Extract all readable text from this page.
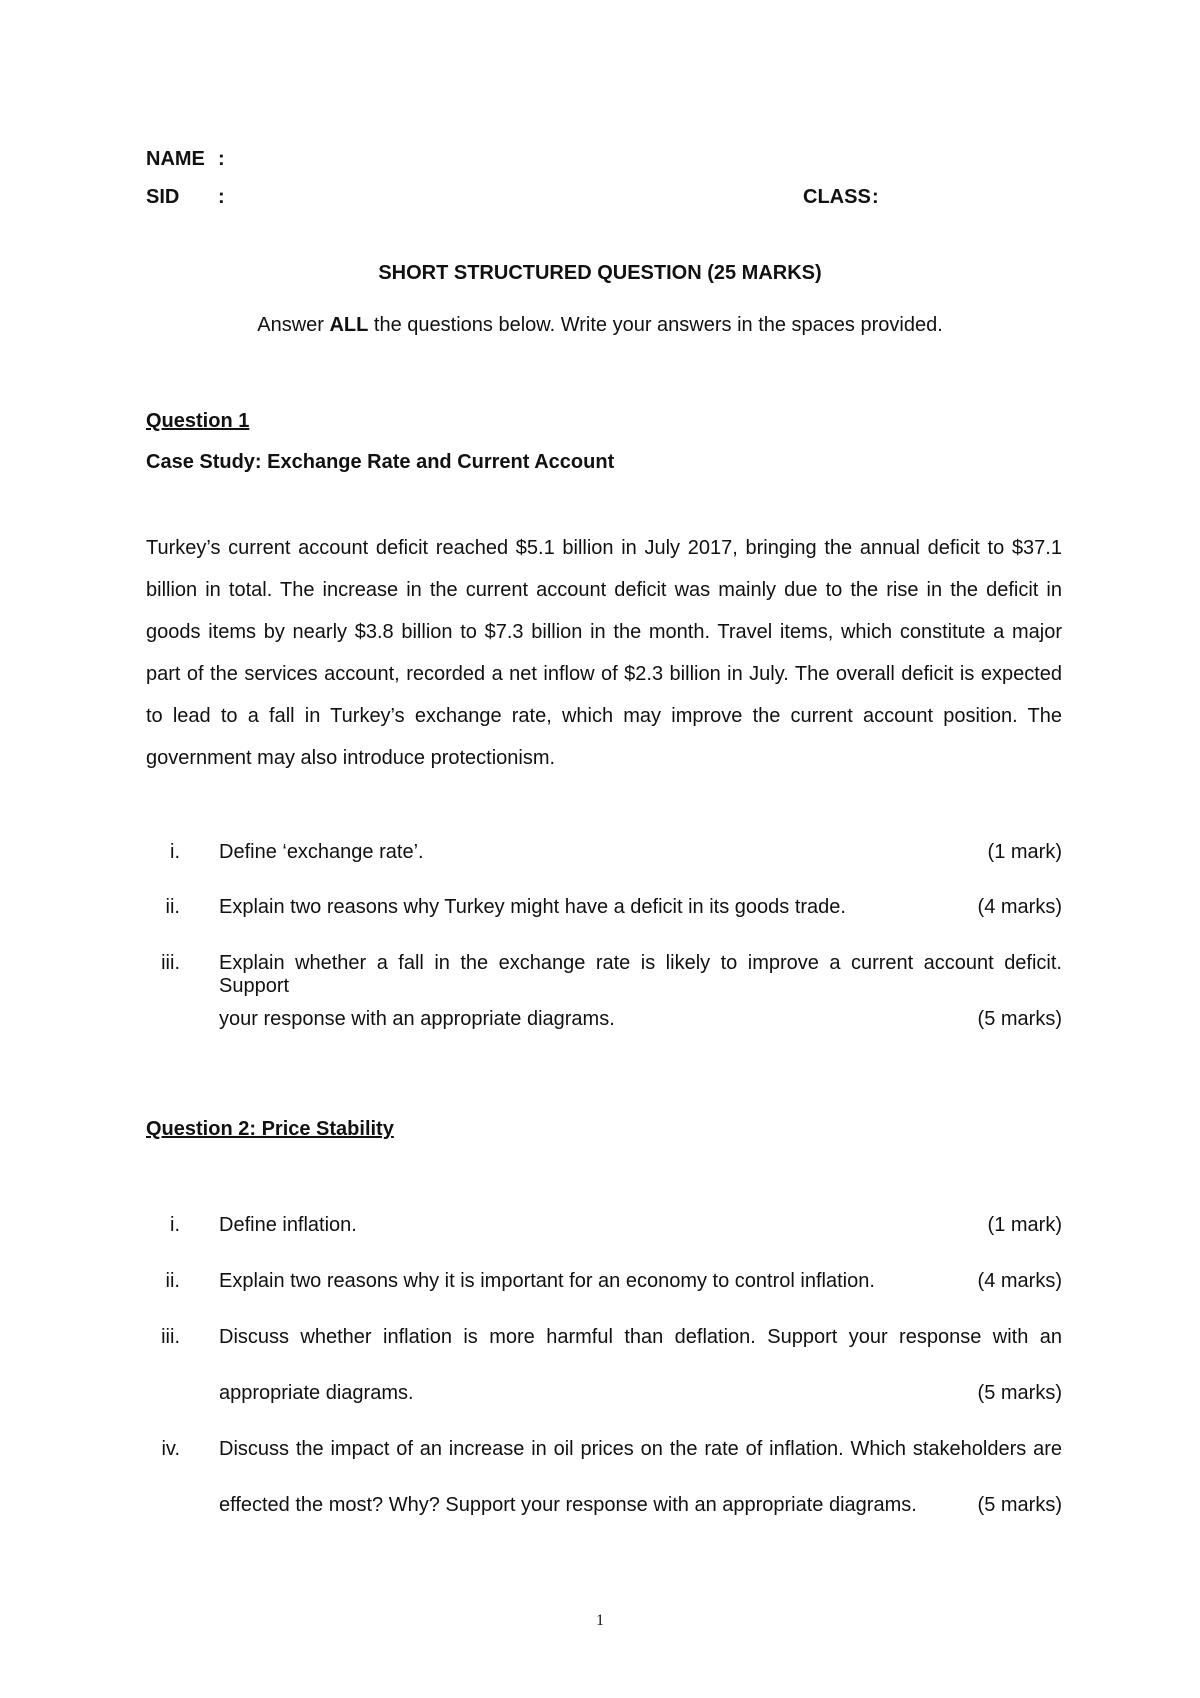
NAME :
SID :	CLASS :
SHORT STRUCTURED QUESTION (25 MARKS)
Answer ALL the questions below. Write your answers in the spaces provided.
Question 1
Case Study: Exchange Rate and Current Account
Turkey’s current account deficit reached $5.1 billion in July 2017, bringing the annual deficit to $37.1 billion in total. The increase in the current account deficit was mainly due to the rise in the deficit in goods items by nearly $3.8 billion to $7.3 billion in the month. Travel items, which constitute a major part of the services account, recorded a net inflow of $2.3 billion in July. The overall deficit is expected to lead to a fall in Turkey’s exchange rate, which may improve the current account position. The government may also introduce protectionism.
i. Define ‘exchange rate’.	(1 mark)
ii. Explain two reasons why Turkey might have a deficit in its goods trade.	(4 marks)
iii. Explain whether a fall in the exchange rate is likely to improve a current account deficit. Support
your response with an appropriate diagrams.	(5 marks)
Question 2: Price Stability
i. Define inflation.	(1 mark)
ii. Explain two reasons why it is important for an economy to control inflation.	(4 marks)
iii. Discuss whether inflation is more harmful than deflation. Support your response with an
appropriate diagrams.	(5 marks)
iv. Discuss the impact of an increase in oil prices on the rate of inflation. Which stakeholders are
effected the most? Why? Support your response with an appropriate diagrams.	(5 marks)
1
